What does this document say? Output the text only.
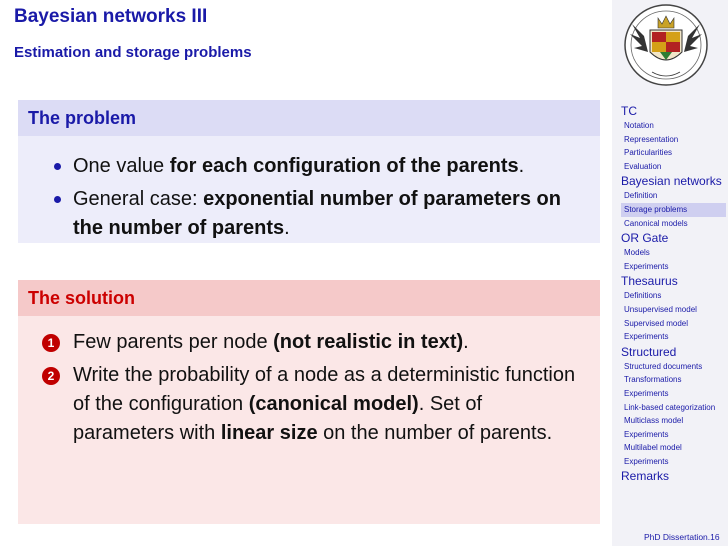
Bayesian networks III
Estimation and storage problems
The problem
One value for each configuration of the parents.
General case: exponential number of parameters on the number of parents.
The solution
1 Few parents per node (not realistic in text).
2 Write the probability of a node as a deterministic function of the configuration (canonical model). Set of parameters with linear size on the number of parents.
TC
Notation
Representation
Particularities
Evaluation
Bayesian networks
Definition
Storage problems
Canonical models
OR Gate
Models
Experiments
Thesaurus
Definitions
Unsupervised model
Supervised model
Experiments
Structured
Structured documents
Transformations
Experiments
Link-based categorization
Multiclass model
Experiments
Multilabel model
Experiments
Remarks
PhD Dissertation.16
